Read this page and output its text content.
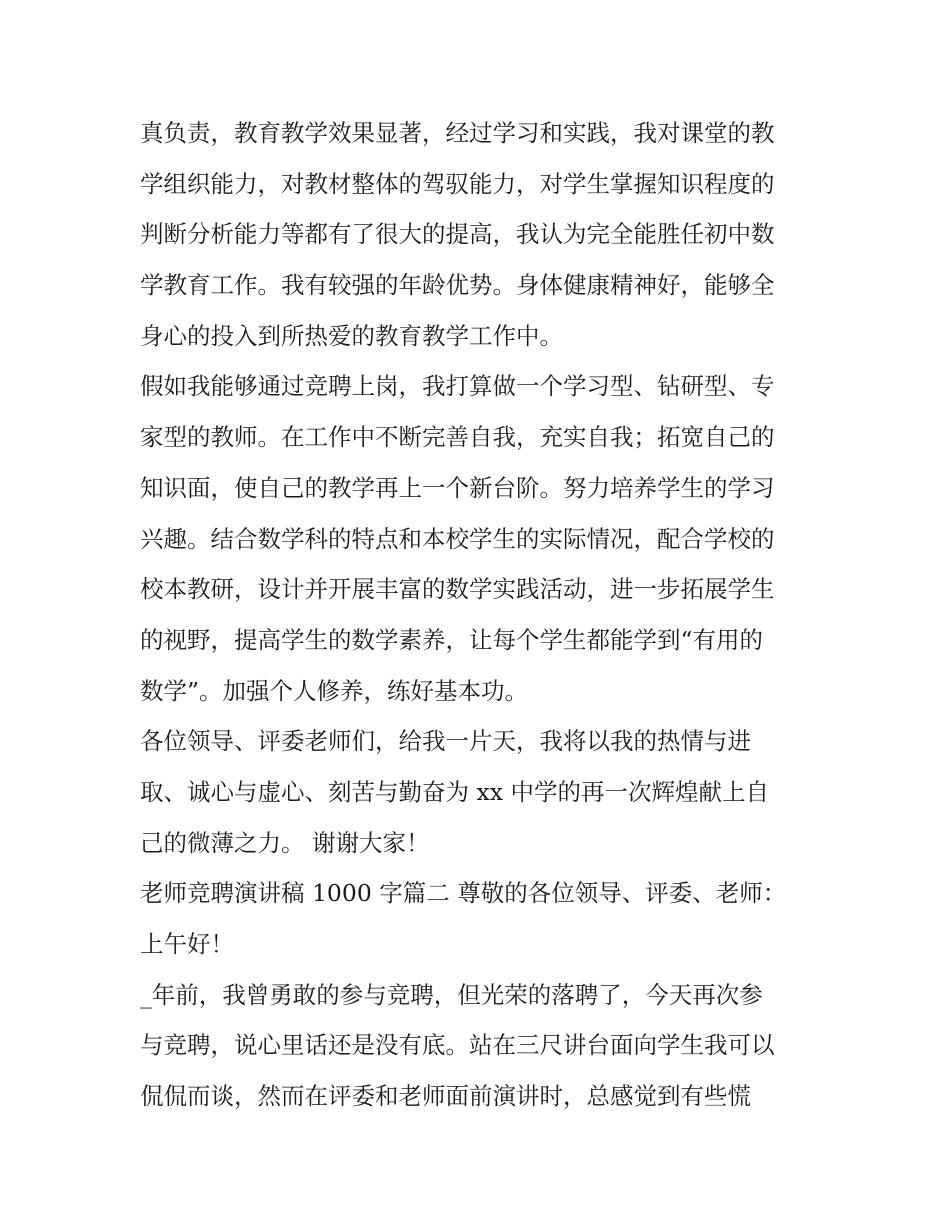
真负责，教育教学效果显著，经过学习和实践，我对课堂的教
学组织能力，对教材整体的驾驭能力，对学生掌握知识程度的
判断分析能力等都有了很大的提高，我认为完全能胜任初中数
学教育工作。我有较强的年龄优势。身体健康精神好，能够全
身心的投入到所热爱的教育教学工作中。
假如我能够通过竞聘上岗，我打算做一个学习型、钻研型、专
家型的教师。在工作中不断完善自我，充实自我；拓宽自己的
知识面，使自己的教学再上一个新台阶。努力培养学生的学习
兴趣。结合数学科的特点和本校学生的实际情况，配合学校的
校本教研，设计并开展丰富的数学实践活动，进一步拓展学生
的视野，提高学生的数学素养，让每个学生都能学到“有用的
数学”。加强个人修养，练好基本功。
各位领导、评委老师们，给我一片天，我将以我的热情与进
取、诚心与虚心、刻苦与勤奋为 xx 中学的再一次辉煌献上自
己的微薄之力。 谢谢大家！
老师竞聘演讲稿 1000 字篇二 尊敬的各位领导、评委、老师：
上午好！
_年前，我曾勇敢的参与竞聘，但光荣的落聘了，今天再次参
与竞聘，说心里话还是没有底。站在三尺讲台面向学生我可以
侃侃而谈，然而在评委和老师面前演讲时，总感觉到有些慌
